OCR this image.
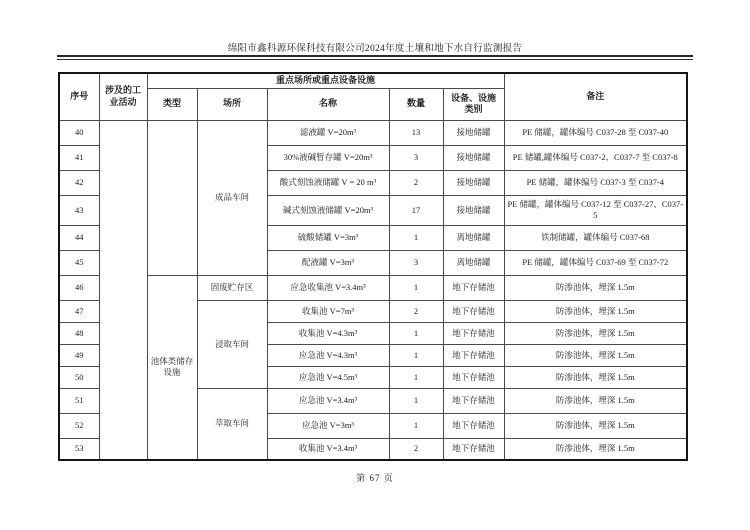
绵阳市鑫科源环保科技有限公司2024年度土壤和地下水自行监测报告
序号	涉及的工业活动	重点场所或重点设备设施					备注
		类型	场所	名称	数量	设备、设施类别	
40			成品车间	滤液罐 V=20m³	13	接地储罐	PE 储罐，罐体编号 C037-28 至 C037-40
41				30%液碱暂存罐 V=20m³	3	接地储罐	PE 储罐,罐体编号 C037-2、C037-7 至 C037-8
42				酸式刻蚀液储罐 V = 20 m³	2	接地储罐	PE 储罐，罐体编号 C037-3 至 C037-4
43				碱式刻蚀液储罐 V=20m³	17	接地储罐	PE 储罐，罐体编号 C037-12 至 C037-27、C037-5
44				硫酸储罐 V=3m³	1	离地储罐	铁制储罐，罐体编号 C037-68
45				配液罐 V=3m³	3	离地储罐	PE 储罐，罐体编号 C037-69 至 C037-72
46		池体类储存设施	固废贮存区	应急收集池 V=3.4m³	1	地下存储池	防渗池体，埋深 1.5m
47			浸取车间	收集池 V=7m³	2	地下存储池	防渗池体，埋深 1.5m
48				收集池 V=4.3m³	1	地下存储池	防渗池体，埋深 1.5m
49				应急池 V=4.3m³	1	地下存储池	防渗池体，埋深 1.5m
50				应急池 V=4.5m³	1	地下存储池	防渗池体，埋深 1.5m
51			萃取车间	应急池 V=3.4m³	1	地下存储池	防渗池体，埋深 1.5m
52				应急池 V=3m³	1	地下存储池	防渗池体，埋深 1.5m
53				收集池 V=3.4m³	2	地下存储池	防渗池体，埋深 1.5m
第 67 页
